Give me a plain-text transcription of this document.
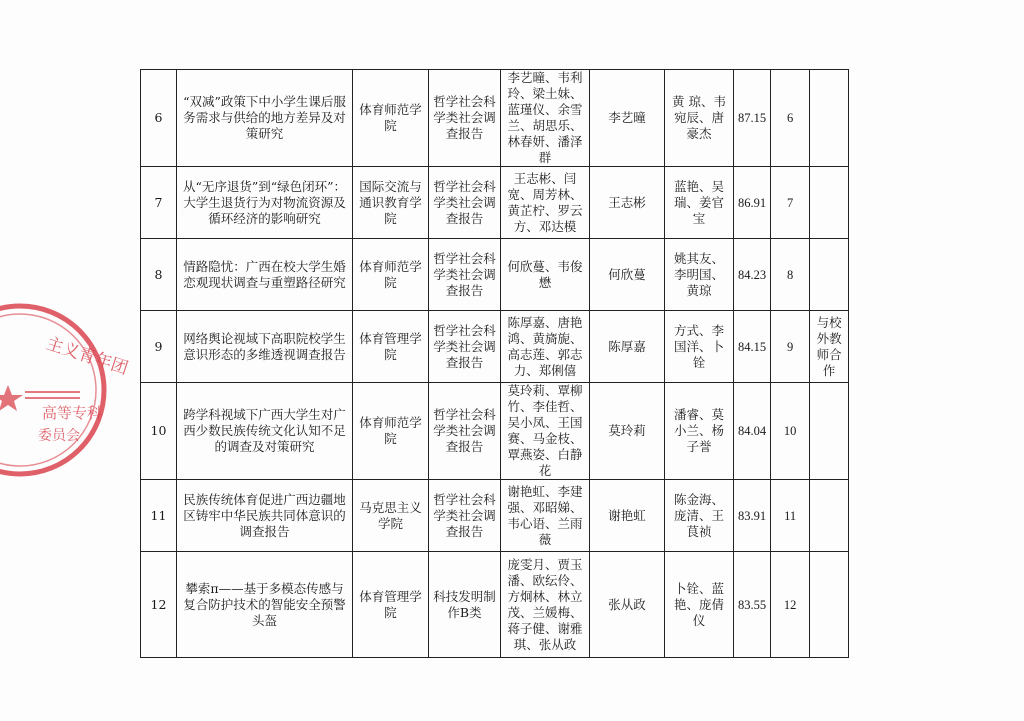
主义青年团
高等专科
委员会
6	“双减”政策下中小学生课后服务需求与供给的地方差异及对策研究	体育师范学院	哲学社会科学类社会调查报告	李艺曈、韦利玲、梁土妹、蓝瑾仪、余雪兰、胡思乐、林春妍、潘泽群	李艺曈	黄 琼、韦宛辰、唐豪杰	87.15	6	
7	从“无序退货”到“绿色闭环”：大学生退货行为对物流资源及循环经济的影响研究	国际交流与通识教育学院	哲学社会科学类社会调查报告	王志彬、闫宽、周芳林、黄芷柠、罗云方、邓达模	王志彬	蓝艳、吴瑞、姜官宝	86.91	7	
8	情路隐忧：广西在校大学生婚恋观现状调查与重塑路径研究	体育师范学院	哲学社会科学类社会调查报告	何欣蔓、韦俊懋	何欣蔓	姚其友、李明国、黄琼	84.23	8	
9	网络舆论视域下高职院校学生意识形态的多维透视调查报告	体育管理学院	哲学社会科学类社会调查报告	陈厚嘉、唐艳鸿、黄旖旎、高志莲、郭志力、郑俐僖	陈厚嘉	方式、李国洋、卜铨	84.15	9	与校外教师合作
10	跨学科视域下广西大学生对广西少数民族传统文化认知不足的调查及对策研究	体育师范学院	哲学社会科学类社会调查报告	莫玲莉、覃柳竹、李佳哲、吴小凤、王国赛、马金枝、覃燕姿、白静花	莫玲莉	潘睿、莫小兰、杨子誉	84.04	10	
11	民族传统体育促进广西边疆地区铸牢中华民族共同体意识的调查报告	马克思主义学院	哲学社会科学类社会调查报告	谢艳虹、李建强、邓昭娣、韦心语、兰雨薇	谢艳虹	陈金海、庞清、王茛祯	83.91	11	
12	攀索π——基于多模态传感与复合防护技术的智能安全预警头盔	体育管理学院	科技发明制作B类	庞雯月、贾玉潘、欧纭伶、方炯林、林立茂、兰媛梅、蒋子健、谢雅琪、张从政	张从政	卜铨、蓝艳、庞倩仪	83.55	12	
